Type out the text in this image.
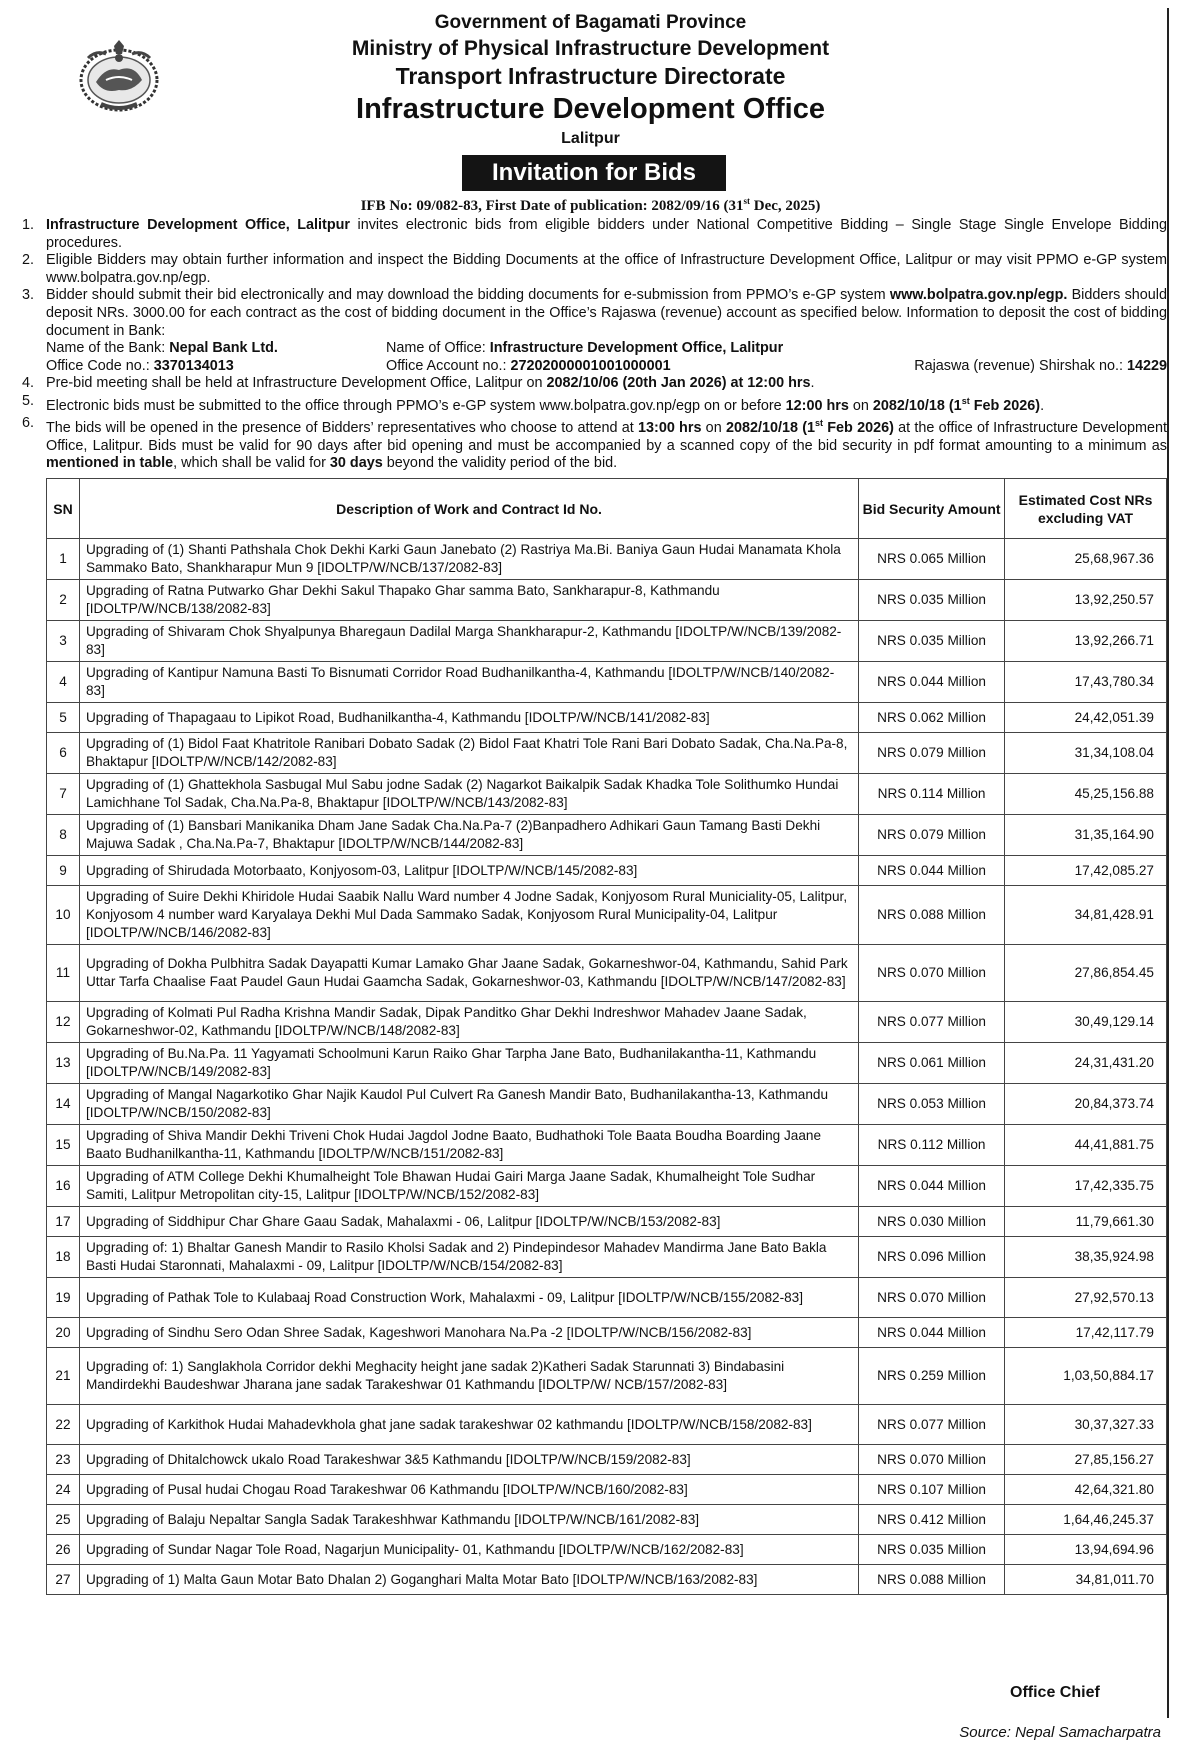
Government of Bagamati Province
Ministry of Physical Infrastructure Development
Transport Infrastructure Directorate
Infrastructure Development Office
Lalitpur
Invitation for Bids
IFB No: 09/082-83, First Date of publication: 2082/09/16 (31st Dec, 2025)
1. Infrastructure Development Office, Lalitpur invites electronic bids from eligible bidders under National Competitive Bidding – Single Stage Single Envelope Bidding procedures.
2. Eligible Bidders may obtain further information and inspect the Bidding Documents at the office of Infrastructure Development Office, Lalitpur or may visit PPMO e-GP system www.bolpatra.gov.np/egp.
3. Bidder should submit their bid electronically and may download the bidding documents for e-submission from PPMO’s e-GP system www.bolpatra.gov.np/egp. Bidders should deposit NRs. 3000.00 for each contract as the cost of bidding document in the Office’s Rajaswa (revenue) account as specified below. Information to deposit the cost of bidding document in Bank:
Name of the Bank: Nepal Bank Ltd.	Name of Office: Infrastructure Development Office, Lalitpur
Office Code no.: 3370134013	Office Account no.: 27202000001001000001	Rajaswa (revenue) Shirshak no.: 14229
4. Pre-bid meeting shall be held at Infrastructure Development Office, Lalitpur on 2082/10/06 (20th Jan 2026) at 12:00 hrs.
5. Electronic bids must be submitted to the office through PPMO’s e-GP system www.bolpatra.gov.np/egp on or before 12:00 hrs on 2082/10/18 (1st Feb 2026).
6. The bids will be opened in the presence of Bidders’ representatives who choose to attend at 13:00 hrs on 2082/10/18 (1st Feb 2026) at the office of Infrastructure Development Office, Lalitpur. Bids must be valid for 90 days after bid opening and must be accompanied by a scanned copy of the bid security in pdf format amounting to a minimum as mentioned in table, which shall be valid for 30 days beyond the validity period of the bid.
SN	Description of Work and Contract Id No.	Bid Security Amount	Estimated Cost NRs excluding VAT
1	Upgrading of (1) Shanti Pathshala Chok Dekhi Karki Gaun Janebato (2) Rastriya Ma.Bi. Baniya Gaun Hudai Manamata Khola Sammako Bato, Shankharapur Mun 9 [IDOLTP/W/NCB/137/2082-83]	NRS 0.065 Million	25,68,967.36
2	Upgrading of Ratna Putwarko Ghar Dekhi Sakul Thapako Ghar samma Bato, Sankharapur-8, Kathmandu [IDOLTP/W/NCB/138/2082-83]	NRS 0.035 Million	13,92,250.57
3	Upgrading of Shivaram Chok Shyalpunya Bharegaun Dadilal Marga Shankharapur-2, Kathmandu [IDOLTP/W/NCB/139/2082-83]	NRS 0.035 Million	13,92,266.71
4	Upgrading of Kantipur Namuna Basti To Bisnumati Corridor Road Budhanilkantha-4, Kathmandu [IDOLTP/W/NCB/140/2082-83]	NRS 0.044 Million	17,43,780.34
5	Upgrading of Thapagaau to Lipikot Road, Budhanilkantha-4, Kathmandu [IDOLTP/W/NCB/141/2082-83]	NRS 0.062 Million	24,42,051.39
6	Upgrading of (1) Bidol Faat Khatritole Ranibari Dobato Sadak (2) Bidol Faat Khatri Tole Rani Bari Dobato Sadak, Cha.Na.Pa-8, Bhaktapur [IDOLTP/W/NCB/142/2082-83]	NRS 0.079 Million	31,34,108.04
7	Upgrading of (1) Ghattekhola Sasbugal Mul Sabu jodne Sadak (2) Nagarkot Baikalpik Sadak Khadka Tole Solithumko Hundai Lamichhane Tol Sadak, Cha.Na.Pa-8, Bhaktapur [IDOLTP/W/NCB/143/2082-83]	NRS 0.114 Million	45,25,156.88
8	Upgrading of (1) Bansbari Manikanika Dham Jane Sadak Cha.Na.Pa-7 (2)Banpadhero Adhikari Gaun Tamang Basti Dekhi Majuwa Sadak , Cha.Na.Pa-7, Bhaktapur [IDOLTP/W/NCB/144/2082-83]	NRS 0.079 Million	31,35,164.90
9	Upgrading of Shirudada Motorbaato, Konjyosom-03, Lalitpur [IDOLTP/W/NCB/145/2082-83]	NRS 0.044 Million	17,42,085.27
10	Upgrading of Suire Dekhi Khiridole Hudai Saabik Nallu Ward number 4 Jodne Sadak, Konjyosom Rural Municiality-05, Lalitpur, Konjyosom 4 number ward Karyalaya Dekhi Mul Dada Sammako Sadak, Konjyosom Rural Municipality-04, Lalitpur [IDOLTP/W/NCB/146/2082-83]	NRS 0.088 Million	34,81,428.91
11	Upgrading of Dokha Pulbhitra Sadak Dayapatti Kumar Lamako Ghar Jaane Sadak, Gokarneshwor-04, Kathmandu, Sahid Park Uttar Tarfa Chaalise Faat Paudel Gaun Hudai Gaamcha Sadak, Gokarneshwor-03, Kathmandu [IDOLTP/W/NCB/147/2082-83]	NRS 0.070 Million	27,86,854.45
12	Upgrading of Kolmati Pul Radha Krishna Mandir Sadak, Dipak Panditko Ghar Dekhi Indreshwor Mahadev Jaane Sadak, Gokarneshwor-02, Kathmandu [IDOLTP/W/NCB/148/2082-83]	NRS 0.077 Million	30,49,129.14
13	Upgrading of Bu.Na.Pa. 11 Yagyamati Schoolmuni Karun Raiko Ghar Tarpha Jane Bato, Budhanilakantha-11, Kathmandu [IDOLTP/W/NCB/149/2082-83]	NRS 0.061 Million	24,31,431.20
14	Upgrading of Mangal Nagarkotiko Ghar Najik Kaudol Pul Culvert Ra Ganesh Mandir Bato, Budhanilakantha-13, Kathmandu [IDOLTP/W/NCB/150/2082-83]	NRS 0.053 Million	20,84,373.74
15	Upgrading of Shiva Mandir Dekhi Triveni Chok Hudai Jagdol Jodne Baato, Budhathoki Tole Baata Boudha Boarding Jaane Baato Budhanilkantha-11, Kathmandu [IDOLTP/W/NCB/151/2082-83]	NRS 0.112 Million	44,41,881.75
16	Upgrading of ATM College Dekhi Khumalheight Tole Bhawan Hudai Gairi Marga Jaane Sadak, Khumalheight Tole Sudhar Samiti, Lalitpur Metropolitan city-15, Lalitpur [IDOLTP/W/NCB/152/2082-83]	NRS 0.044 Million	17,42,335.75
17	Upgrading of Siddhipur Char Ghare Gaau Sadak, Mahalaxmi - 06, Lalitpur [IDOLTP/W/NCB/153/2082-83]	NRS 0.030 Million	11,79,661.30
18	Upgrading of: 1) Bhaltar Ganesh Mandir to Rasilo Kholsi Sadak and 2) Pindepindesor Mahadev Mandirma Jane Bato Bakla Basti Hudai Staronnati, Mahalaxmi - 09, Lalitpur [IDOLTP/W/NCB/154/2082-83]	NRS 0.096 Million	38,35,924.98
19	Upgrading of Pathak Tole to Kulabaaj Road Construction Work, Mahalaxmi - 09, Lalitpur [IDOLTP/W/NCB/155/2082-83]	NRS 0.070 Million	27,92,570.13
20	Upgrading of Sindhu Sero Odan Shree Sadak, Kageshwori Manohara Na.Pa -2 [IDOLTP/W/NCB/156/2082-83]	NRS 0.044 Million	17,42,117.79
21	Upgrading of: 1) Sanglakhola Corridor dekhi Meghacity height jane sadak 2)Katheri Sadak Starunnati 3) Bindabasini Mandirdekhi Baudeshwar Jharana jane sadak Tarakeshwar 01 Kathmandu [IDOLTP/W/ NCB/157/2082-83]	NRS 0.259 Million	1,03,50,884.17
22	Upgrading of Karkithok Hudai Mahadevkhola ghat jane sadak tarakeshwar 02 kathmandu [IDOLTP/W/NCB/158/2082-83]	NRS 0.077 Million	30,37,327.33
23	Upgrading of Dhitalchowck ukalo Road Tarakeshwar 3&5 Kathmandu [IDOLTP/W/NCB/159/2082-83]	NRS 0.070 Million	27,85,156.27
24	Upgrading of Pusal hudai Chogau Road Tarakeshwar 06 Kathmandu [IDOLTP/W/NCB/160/2082-83]	NRS 0.107 Million	42,64,321.80
25	Upgrading of Balaju Nepaltar Sangla Sadak Tarakeshhwar Kathmandu [IDOLTP/W/NCB/161/2082-83]	NRS 0.412 Million	1,64,46,245.37
26	Upgrading of Sundar Nagar Tole Road, Nagarjun Municipality- 01, Kathmandu [IDOLTP/W/NCB/162/2082-83]	NRS 0.035 Million	13,94,694.96
27	Upgrading of 1) Malta Gaun Motar Bato Dhalan 2) Goganghari Malta Motar Bato [IDOLTP/W/NCB/163/2082-83]	NRS 0.088 Million	34,81,011.70
Office Chief
Source: Nepal Samacharpatra
